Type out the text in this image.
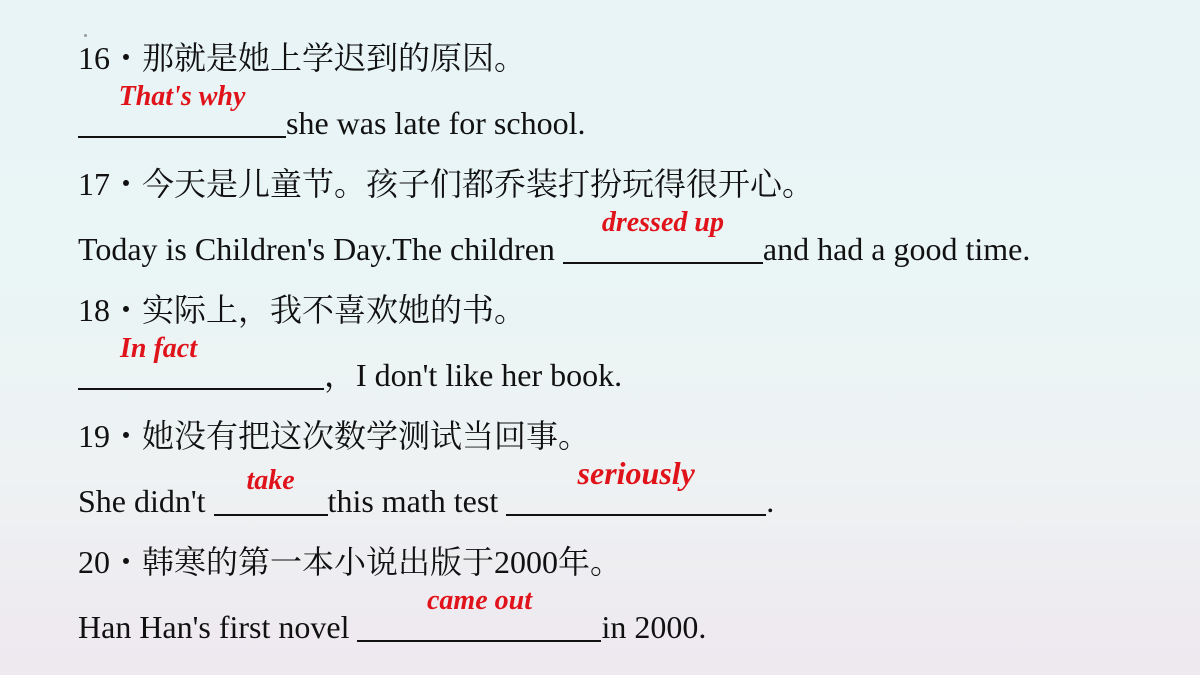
16・那就是她上学迟到的原因。
That's why
she was late for school.
17・今天是儿童节。孩子们都乔装打扮玩得很开心。
Today is Children's Day.The children
dressed up
and had a good time.
18・实际上，我不喜欢她的书。
In fact
，I don't like her book.
19・她没有把这次数学测试当回事。
She didn't
take
this math test
seriously
.
20・韩寒的第一本小说出版于2000年。
Han Han's first novel
came out
in 2000.
